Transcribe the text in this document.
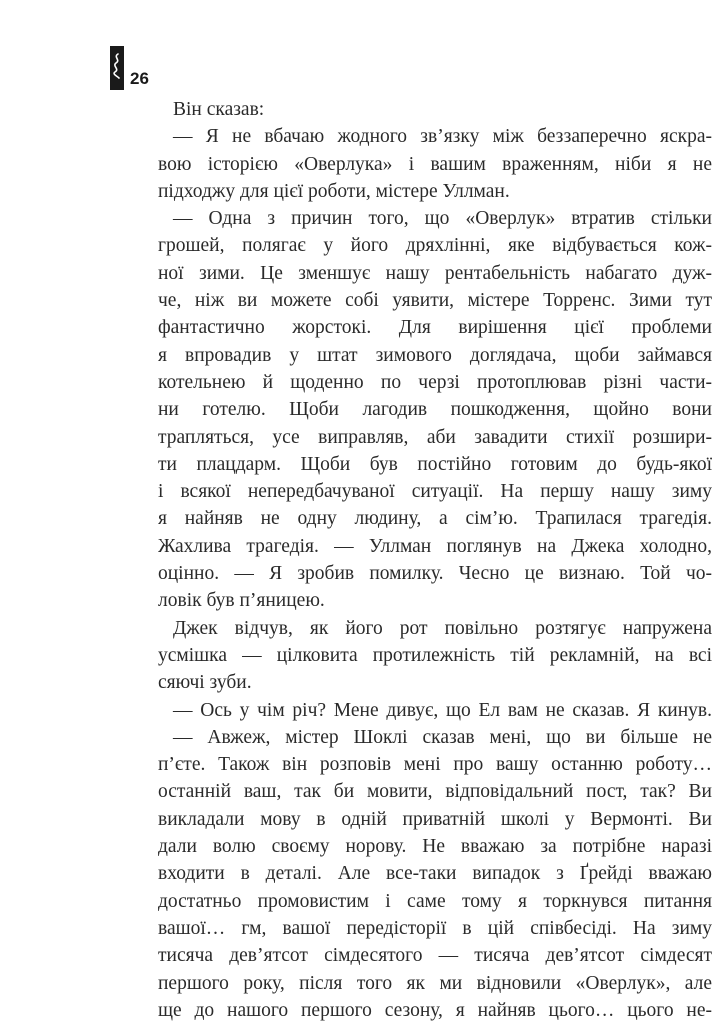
26
Він сказав:
— Я не вбачаю жодного зв’язку між беззаперечно яскра-
вою історією «Оверлука» і вашим враженням, ніби я не
підходжу для цієї роботи, містере Уллман.
— Одна з причин того, що «Оверлук» втратив стільки
грошей, полягає у його дряхлінні, яке відбувається кож-
ної зими. Це зменшує нашу рентабельність набагато дуж-
че, ніж ви можете собі уявити, містере Торренс. Зими тут
фантастично жорстокі. Для вирішення цієї проблеми
я впровадив у штат зимового доглядача, щоби займався
котельнею й щоденно по черзі протоплював різні части-
ни готелю. Щоби лагодив пошкодження, щойно вони
трапляться, усе виправляв, аби завадити стихії розшири-
ти плацдарм. Щоби був постійно готовим до будь-якої
і всякої непередбачуваної ситуації. На першу нашу зиму
я найняв не одну людину, а сім’ю. Трапилася трагедія.
Жахлива трагедія. — Уллман поглянув на Джека холодно,
оцінно. — Я зробив помилку. Чесно це визнаю. Той чо-
ловік був п’яницею.
Джек відчув, як його рот повільно розтягує напружена
усмішка — цілковита протилежність тій рекламній, на всі
сяючі зуби.
— Ось у чім річ? Мене дивує, що Ел вам не сказав. Я кинув.
— Авжеж, містер Шоклі сказав мені, що ви більше не
п’єте. Також він розповів мені про вашу останню роботу…
останній ваш, так би мовити, відповідальний пост, так? Ви
викладали мову в одній приватній школі у Вермонті. Ви
дали волю своєму норову. Не вважаю за потрібне наразі
входити в деталі. Але все-таки випадок з Ґрейді вважаю
достатньо промовистим і саме тому я торкнувся питання
вашої… гм, вашої передісторії в цій співбесіді. На зиму
тисяча дев’ятсот сімдесятого — тисяча дев’ятсот сімдесят
першого року, після того як ми відновили «Оверлук», але
ще до нашого першого сезону, я найняв цього… цього не-
